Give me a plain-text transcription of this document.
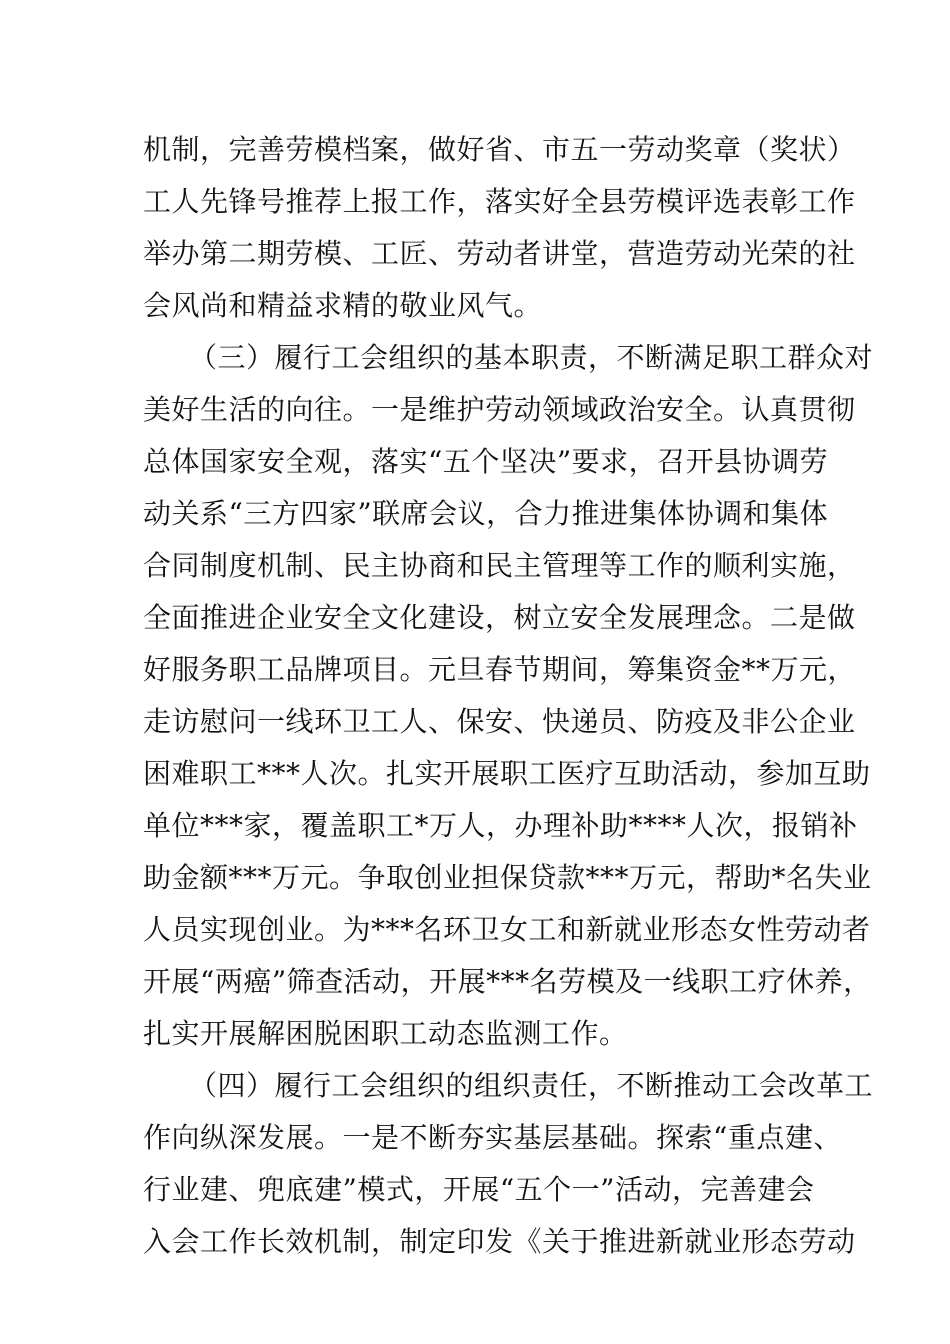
机制，完善劳模档案，做好省、市五一劳动奖章（奖状）
工人先锋号推荐上报工作，落实好全县劳模评选表彰工作
举办第二期劳模、工匠、劳动者讲堂，营造劳动光荣的社
会风尚和精益求精的敬业风气。
（三）履行工会组织的基本职责，不断满足职工群众对
美好生活的向往。一是维护劳动领域政治安全。认真贯彻
总体国家安全观，落实“五个坚决”要求，召开县协调劳
动关系“三方四家”联席会议，合力推进集体协调和集体
合同制度机制、民主协商和民主管理等工作的顺利实施，
全面推进企业安全文化建设，树立安全发展理念。二是做
好服务职工品牌项目。元旦春节期间，筹集资金**万元，
走访慰问一线环卫工人、保安、快递员、防疫及非公企业
困难职工***人次。扎实开展职工医疗互助活动，参加互助
单位***家，覆盖职工*万人，办理补助****人次，报销补
助金额***万元。争取创业担保贷款***万元，帮助*名失业
人员实现创业。为***名环卫女工和新就业形态女性劳动者
开展“两癌”筛查活动，开展***名劳模及一线职工疗休养，
扎实开展解困脱困职工动态监测工作。
（四）履行工会组织的组织责任，不断推动工会改革工
作向纵深发展。一是不断夯实基层基础。探索“重点建、
行业建、兜底建”模式，开展“五个一”活动，完善建会
入会工作长效机制，制定印发《关于推进新就业形态劳动
